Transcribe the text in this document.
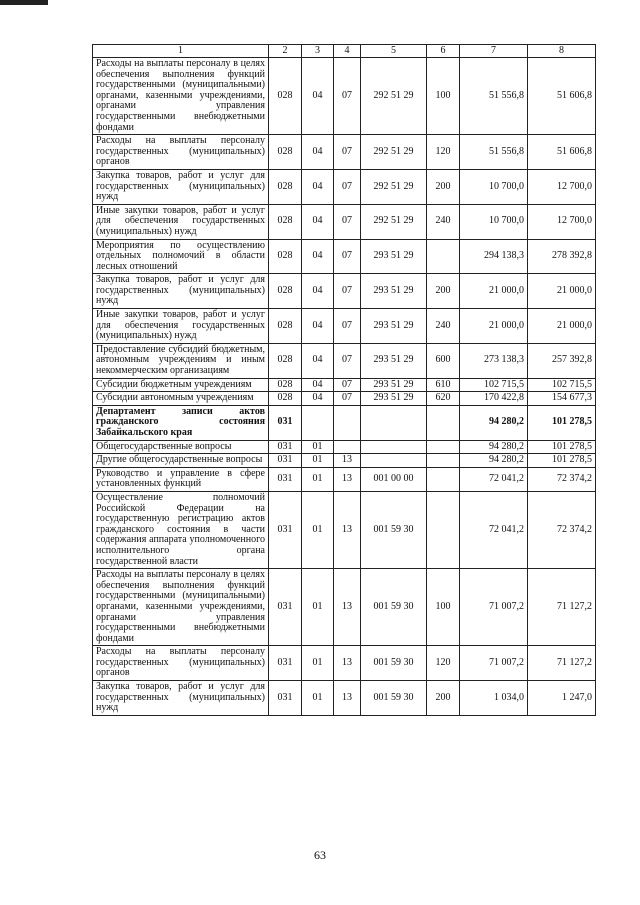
1	2	3	4	5	6	7	8
Расходы на выплаты персоналу в целях обеспечения выполнения функций государственными (муниципальными) органами, казенными учреждениями, органами управления государственными внебюджетными фондами	028	04	07	292 51 29	100	51 556,8	51 606,8
Расходы на выплаты персоналу государственных (муниципальных) органов	028	04	07	292 51 29	120	51 556,8	51 606,8
Закупка товаров, работ и услуг для государственных (муниципальных) нужд	028	04	07	292 51 29	200	10 700,0	12 700,0
Иные закупки товаров, работ и услуг для обеспечения государственных (муниципальных) нужд	028	04	07	292 51 29	240	10 700,0	12 700,0
Мероприятия по осуществлению отдельных полномочий в области лесных отношений	028	04	07	293 51 29		294 138,3	278 392,8
Закупка товаров, работ и услуг для государственных (муниципальных) нужд	028	04	07	293 51 29	200	21 000,0	21 000,0
Иные закупки товаров, работ и услуг для обеспечения государственных (муниципальных) нужд	028	04	07	293 51 29	240	21 000,0	21 000,0
Предоставление субсидий бюджетным, автономным учреждениям и иным некоммерческим организациям	028	04	07	293 51 29	600	273 138,3	257 392,8
Субсидии бюджетным учреждениям	028	04	07	293 51 29	610	102 715,5	102 715,5
Субсидии автономным учреждениям	028	04	07	293 51 29	620	170 422,8	154 677,3
Департамент записи актов гражданского состояния Забайкальского края	031					94 280,2	101 278,5
Общегосударственные вопросы	031	01				94 280,2	101 278,5
Другие общегосударственные вопросы	031	01	13			94 280,2	101 278,5
Руководство и управление в сфере установленных функций	031	01	13	001 00 00		72 041,2	72 374,2
Осуществление полномочий Российской Федерации на государственную регистрацию актов гражданского состояния в части содержания аппарата уполномоченного исполнительного органа государственной власти	031	01	13	001 59 30		72 041,2	72 374,2
Расходы на выплаты персоналу в целях обеспечения выполнения функций государственными (муниципальными) органами, казенными учреждениями, органами управления государственными внебюджетными фондами	031	01	13	001 59 30	100	71 007,2	71 127,2
Расходы на выплаты персоналу государственных (муниципальных) органов	031	01	13	001 59 30	120	71 007,2	71 127,2
Закупка товаров, работ и услуг для государственных (муниципальных) нужд	031	01	13	001 59 30	200	1 034,0	1 247,0
63
